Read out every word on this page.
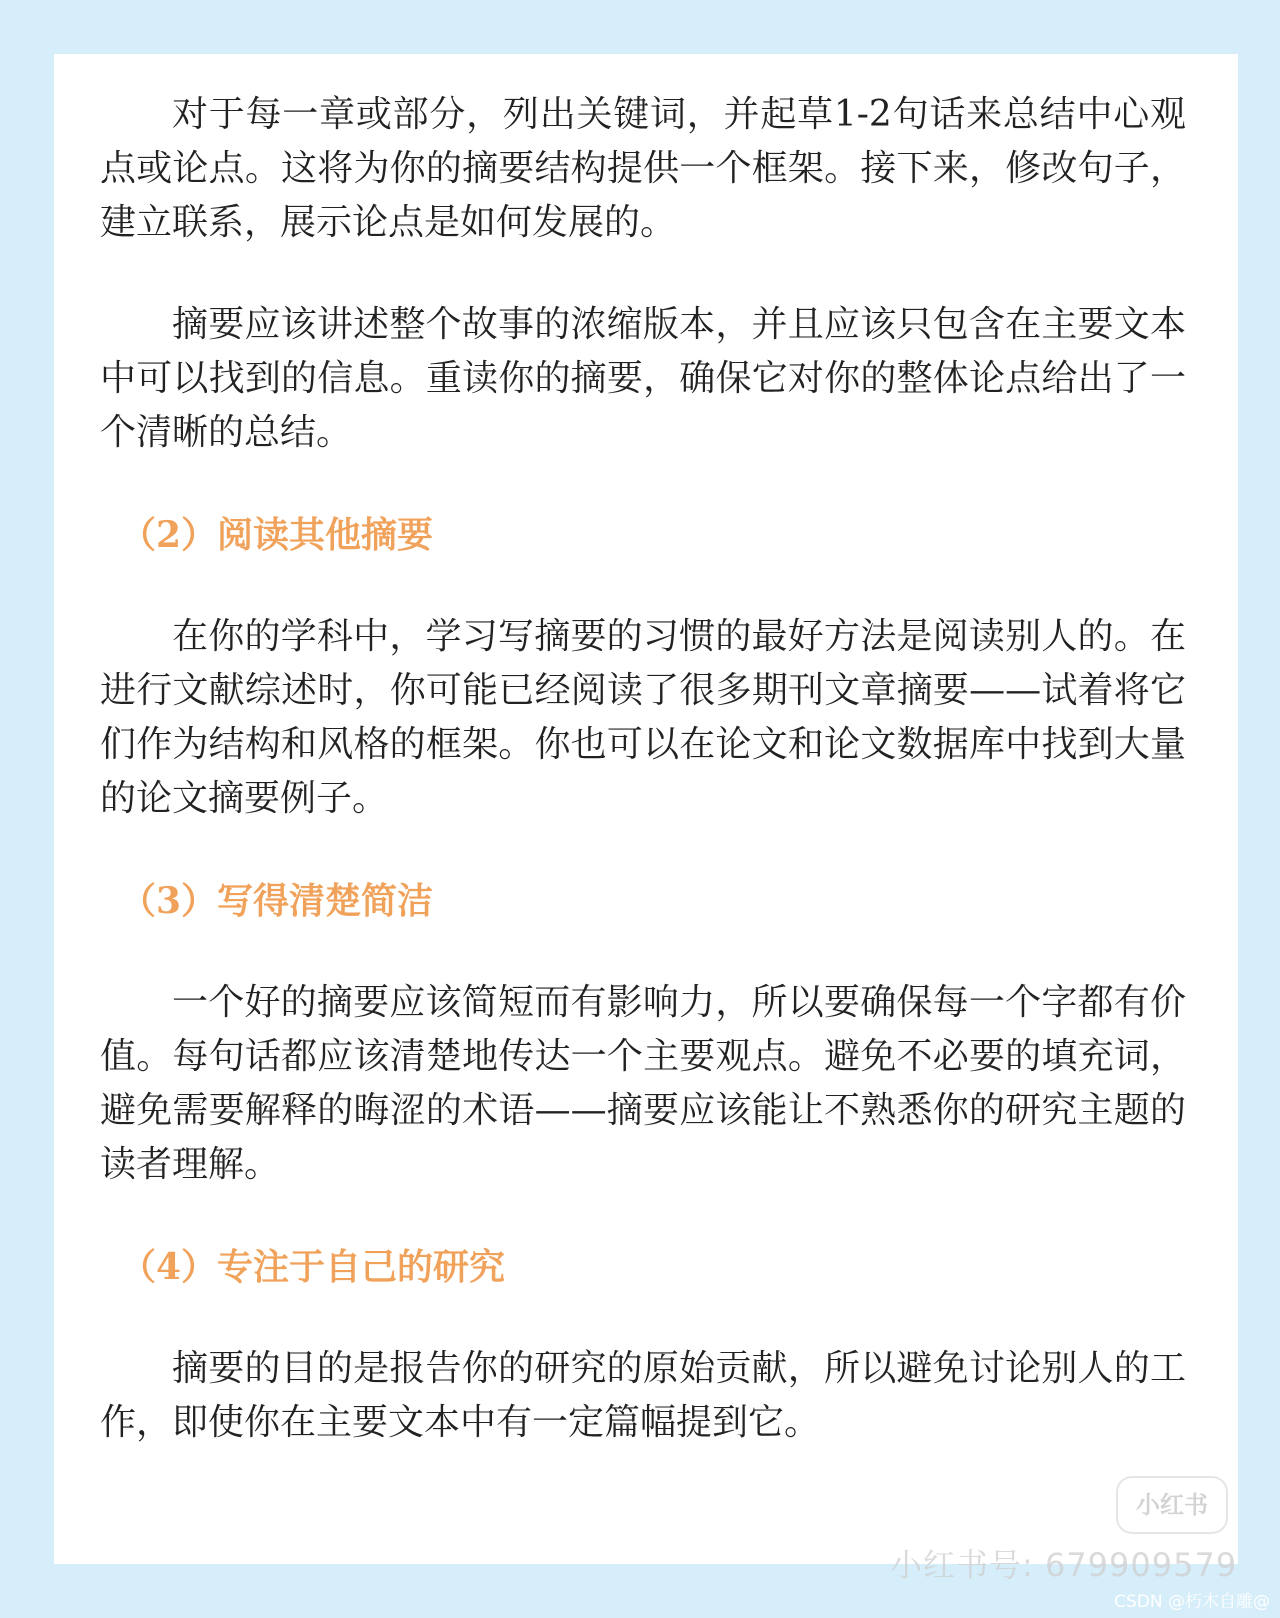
对于每一章或部分，列出关键词，并起草1-2句话来总结中心观点或论点。这将为你的摘要结构提供一个框架。接下来，修改句子，建立联系，展示论点是如何发展的。

摘要应该讲述整个故事的浓缩版本，并且应该只包含在主要文本中可以找到的信息。重读你的摘要，确保它对你的整体论点给出了一个清晰的总结。

（2）阅读其他摘要

在你的学科中，学习写摘要的习惯的最好方法是阅读别人的。在进行文献综述时，你可能已经阅读了很多期刊文章摘要——试着将它们作为结构和风格的框架。你也可以在论文和论文数据库中找到大量的论文摘要例子。

（3）写得清楚简洁

一个好的摘要应该简短而有影响力，所以要确保每一个字都有价值。每句话都应该清楚地传达一个主要观点。避免不必要的填充词，避免需要解释的晦涩的术语——摘要应该能让不熟悉你的研究主题的读者理解。

（4）专注于自己的研究

摘要的目的是报告你的研究的原始贡献，所以避免讨论别人的工作，即使你在主要文本中有一定篇幅提到它。

小红书
小红书号: 679909579
CSDN @朽木自雕@
